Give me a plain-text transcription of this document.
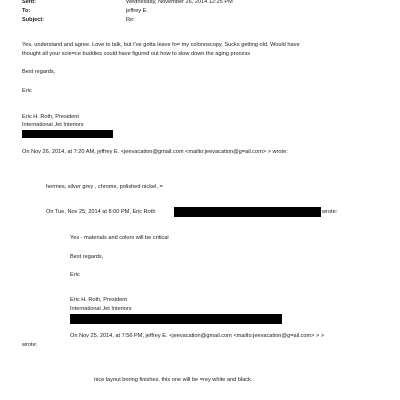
Sent:	Wednesday, November 26, 2014 12:25 PM
To:	jeffrey E.
Subject:	Re:
Yes, understand and agree. Love to talk, but I've gotta leave fo= my colonoscopy. Sucks getting old. Would have
thought all your scie=ce buddies could have figured out how to slow down the aging process
Best regards,
Eric
Eric H. Roth, President
International Jet Interiors
On Nov 26, 2014, at 7:20 AM, jeffrey E. <jeevacation@gmail.com <mailto:jeevacation@g=ail.com> > wrote:
hermes, silver grey , chrome, polished nickel, =
On Tue, Nov 25, 2014 at 8:00 PM, Eric Roth	wrote:
Yes - materials and colors will be critical
Best regards,
Eric
Eric H. Roth, President
International Jet Interiors
On Nov 25, 2014, at 7:56 PM, jeffrey E. <jeevacation@gmail.com <mailto:jeevacation@g=ail.com> > >
wrote:
nice layout boring finishes. this one will be =rey white and black.
